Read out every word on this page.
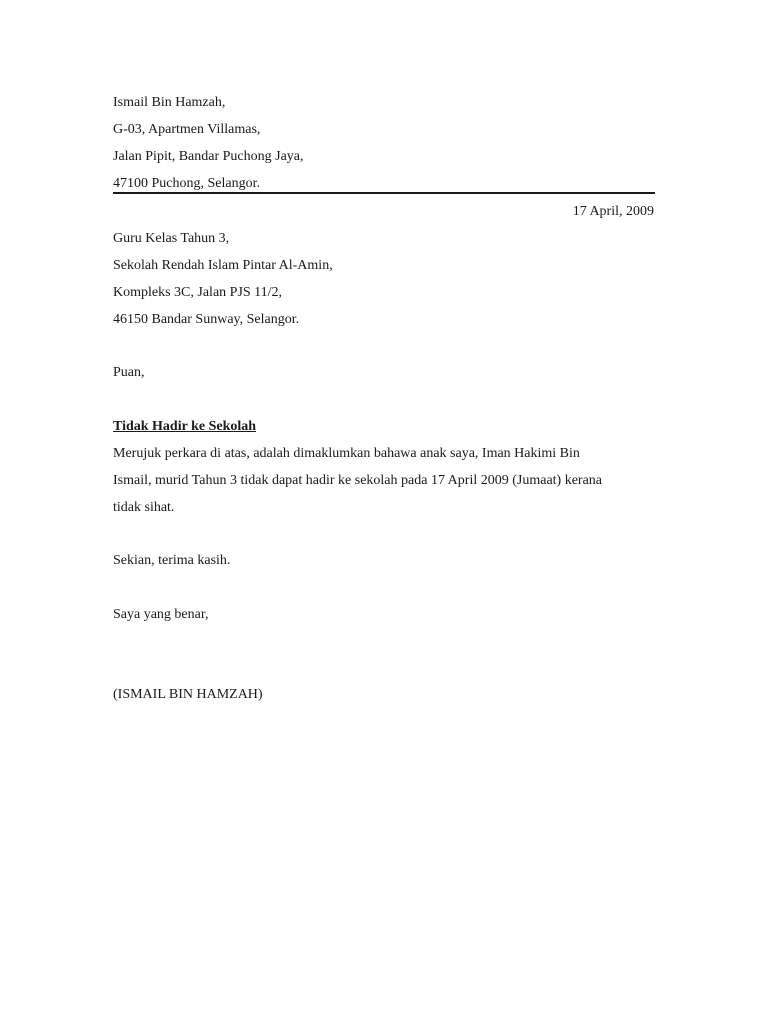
Ismail Bin Hamzah,
G-03, Apartmen Villamas,
Jalan Pipit, Bandar Puchong Jaya,
47100 Puchong, Selangor.
17 April, 2009
Guru Kelas Tahun 3,
Sekolah Rendah Islam Pintar Al-Amin,
Kompleks 3C, Jalan PJS 11/2,
46150 Bandar Sunway, Selangor.
Puan,
Tidak Hadir ke Sekolah
Merujuk perkara di atas, adalah dimaklumkan bahawa anak saya, Iman Hakimi Bin
Ismail, murid Tahun 3 tidak dapat hadir ke sekolah pada 17 April 2009 (Jumaat) kerana
tidak sihat.
Sekian, terima kasih.
Saya yang benar,
(ISMAIL BIN HAMZAH)
